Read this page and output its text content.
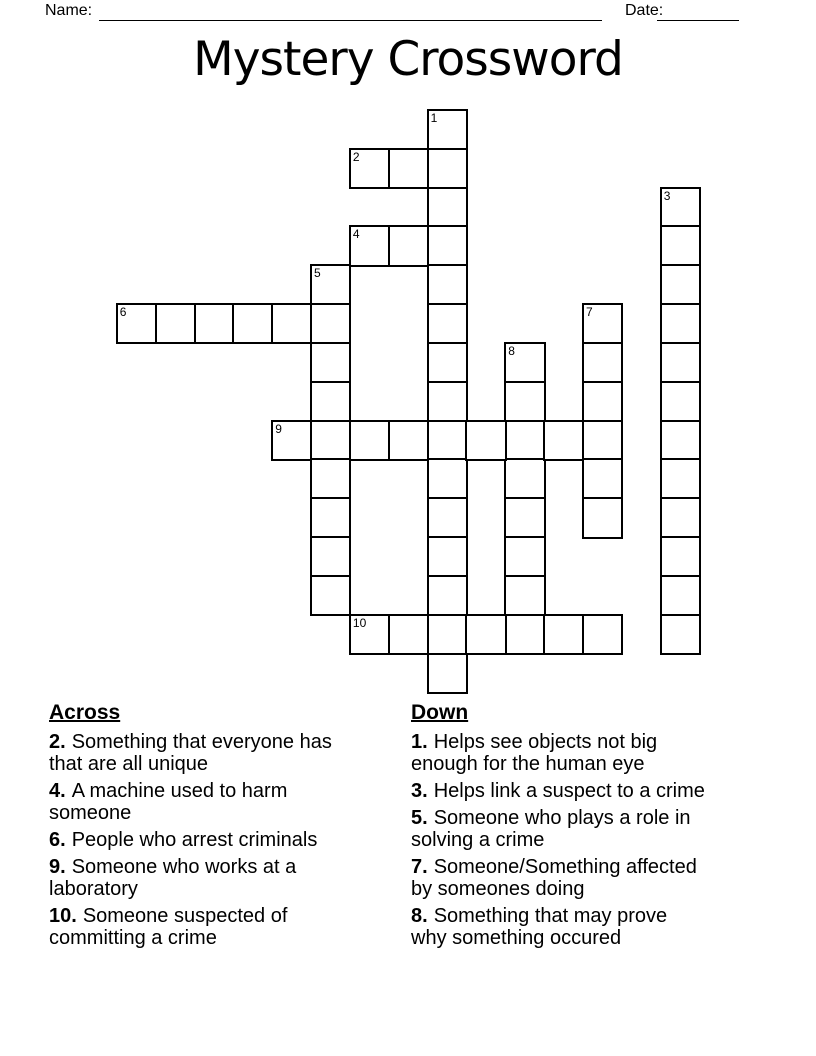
Name:	Date:
Mystery Crossword
1
2
3
4
5
6	7
8
9
10
Across
2. Something that everyone has
that are all unique
4. A machine used to harm
someone
6. People who arrest criminals
9. Someone who works at a
laboratory
10. Someone suspected of
committing a crime
Down
1. Helps see objects not big
enough for the human eye
3. Helps link a suspect to a crime
5. Someone who plays a role in
solving a crime
7. Someone/Something affected
by someones doing
8. Something that may prove
why something occured
